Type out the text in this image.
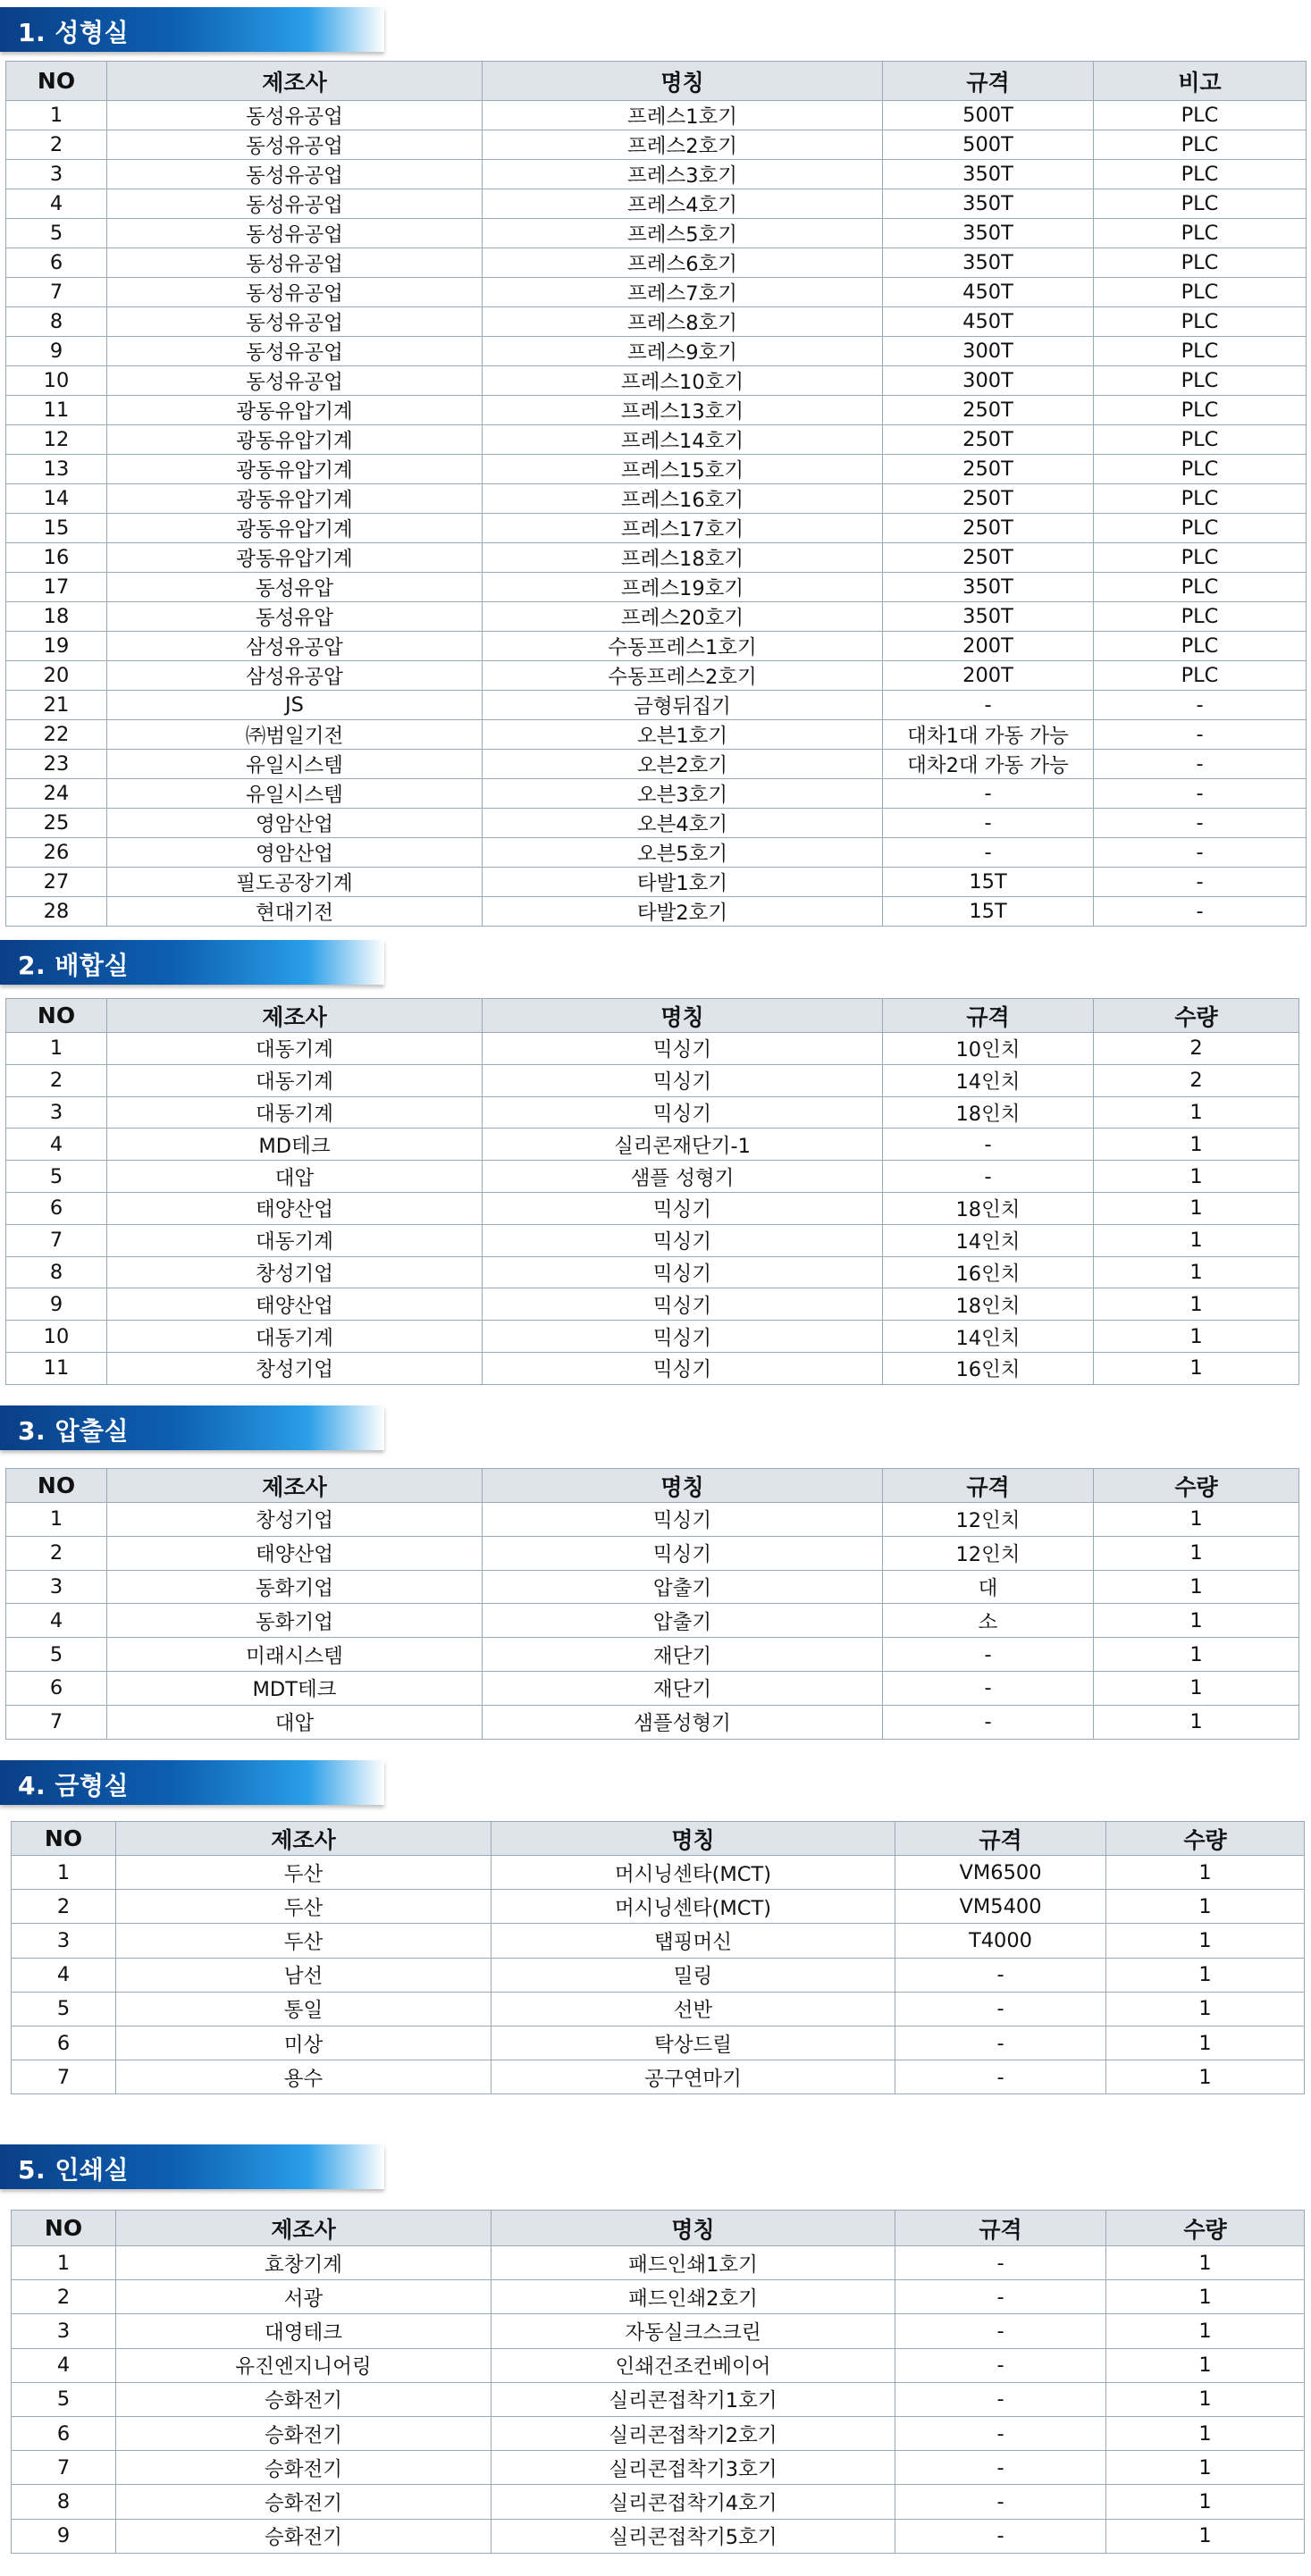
1. 성형실
NO	제조사	명칭	규격	비고
1	동성유공업	프레스1호기	500T	PLC
2	동성유공업	프레스2호기	500T	PLC
3	동성유공업	프레스3호기	350T	PLC
4	동성유공업	프레스4호기	350T	PLC
5	동성유공업	프레스5호기	350T	PLC
6	동성유공업	프레스6호기	350T	PLC
7	동성유공업	프레스7호기	450T	PLC
8	동성유공업	프레스8호기	450T	PLC
9	동성유공업	프레스9호기	300T	PLC
10	동성유공업	프레스10호기	300T	PLC
11	광동유압기계	프레스13호기	250T	PLC
12	광동유압기계	프레스14호기	250T	PLC
13	광동유압기계	프레스15호기	250T	PLC
14	광동유압기계	프레스16호기	250T	PLC
15	광동유압기계	프레스17호기	250T	PLC
16	광동유압기계	프레스18호기	250T	PLC
17	동성유압	프레스19호기	350T	PLC
18	동성유압	프레스20호기	350T	PLC
19	삼성유공압	수동프레스1호기	200T	PLC
20	삼성유공압	수동프레스2호기	200T	PLC
21	JS	금형뒤집기	-	-
22	㈜범일기전	오븐1호기	대차1대 가동 가능	-
23	유일시스템	오븐2호기	대차2대 가동 가능	-
24	유일시스템	오븐3호기	-	-
25	영암산업	오븐4호기	-	-
26	영암산업	오븐5호기	-	-
27	필도공장기계	타발1호기	15T	-
28	현대기전	타발2호기	15T	-
2. 배합실
NO	제조사	명칭	규격	수량
1	대동기계	믹싱기	10인치	2
2	대동기계	믹싱기	14인치	2
3	대동기계	믹싱기	18인치	1
4	MD테크	실리콘재단기-1	-	1
5	대압	샘플 성형기	-	1
6	태양산업	믹싱기	18인치	1
7	대동기계	믹싱기	14인치	1
8	창성기업	믹싱기	16인치	1
9	태양산업	믹싱기	18인치	1
10	대동기계	믹싱기	14인치	1
11	창성기업	믹싱기	16인치	1
3. 압출실
NO	제조사	명칭	규격	수량
1	창성기업	믹싱기	12인치	1
2	태양산업	믹싱기	12인치	1
3	동화기업	압출기	대	1
4	동화기업	압출기	소	1
5	미래시스템	재단기	-	1
6	MDT테크	재단기	-	1
7	대압	샘플성형기	-	1
4. 금형실
NO	제조사	명칭	규격	수량
1	두산	머시닝센타(MCT)	VM6500	1
2	두산	머시닝센타(MCT)	VM5400	1
3	두산	탭핑머신	T4000	1
4	남선	밀링	-	1
5	통일	선반	-	1
6	미상	탁상드릴	-	1
7	용수	공구연마기	-	1
5. 인쇄실
NO	제조사	명칭	규격	수량
1	효창기계	패드인쇄1호기	-	1
2	서광	패드인쇄2호기	-	1
3	대영테크	자동실크스크린	-	1
4	유진엔지니어링	인쇄건조컨베이어	-	1
5	승화전기	실리콘접착기1호기	-	1
6	승화전기	실리콘접착기2호기	-	1
7	승화전기	실리콘접착기3호기	-	1
8	승화전기	실리콘접착기4호기	-	1
9	승화전기	실리콘접착기5호기	-	1
